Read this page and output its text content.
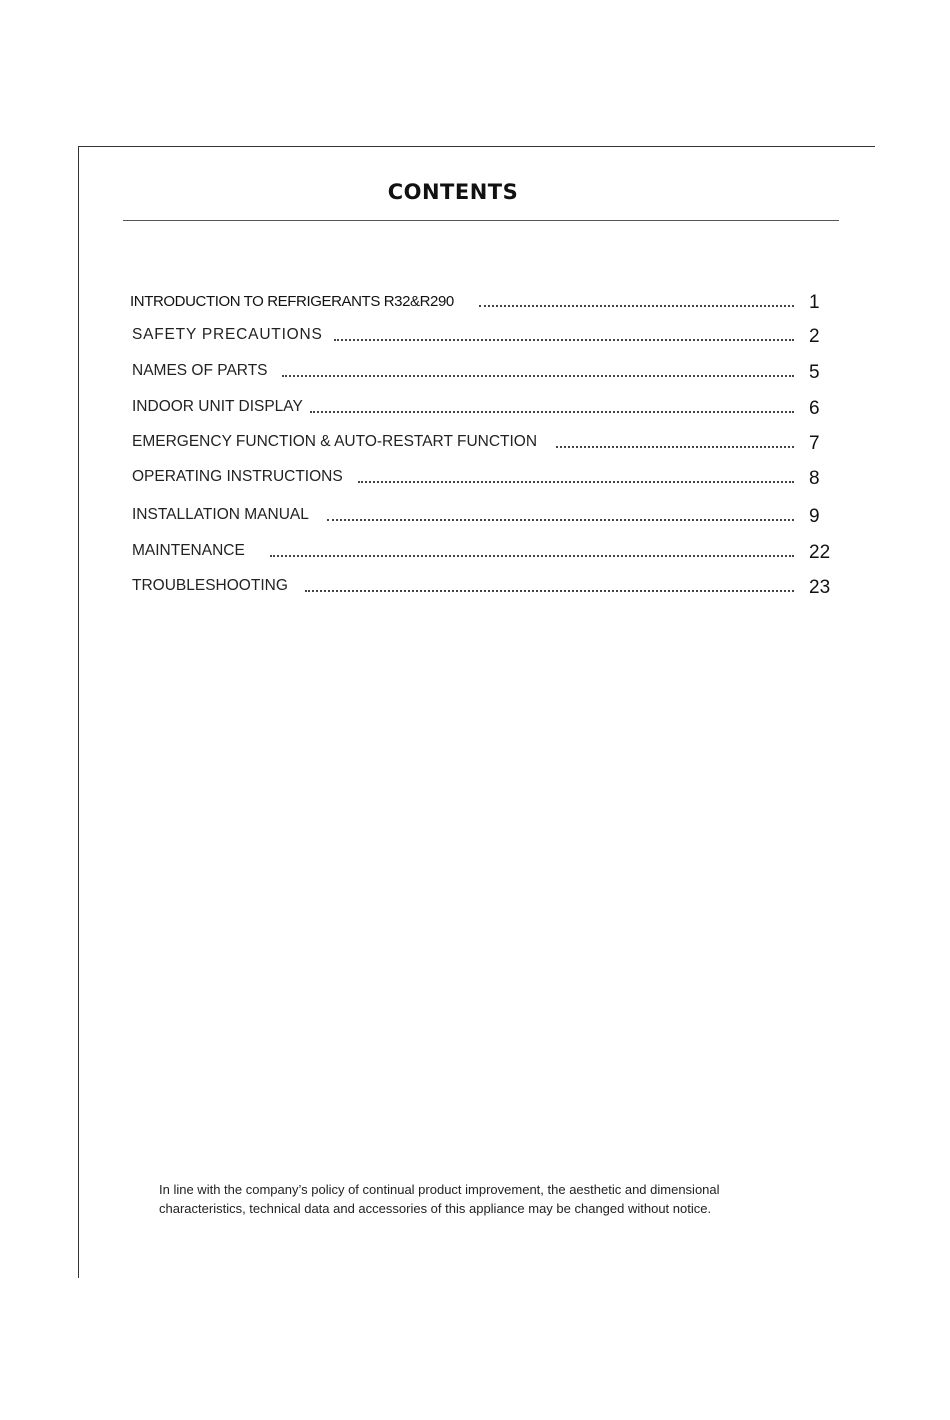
CONTENTS
INTRODUCTION TO REFRIGERANTS R32&R290	1
SAFETY PRECAUTIONS	2
NAMES OF PARTS	5
INDOOR UNIT DISPLAY	6
EMERGENCY FUNCTION & AUTO-RESTART FUNCTION	7
OPERATING INSTRUCTIONS	8
INSTALLATION MANUAL	9
MAINTENANCE	22
TROUBLESHOOTING	23
In line with the company’s policy of continual product improvement, the aesthetic and dimensional
characteristics, technical data and accessories of this appliance may be changed without notice.
